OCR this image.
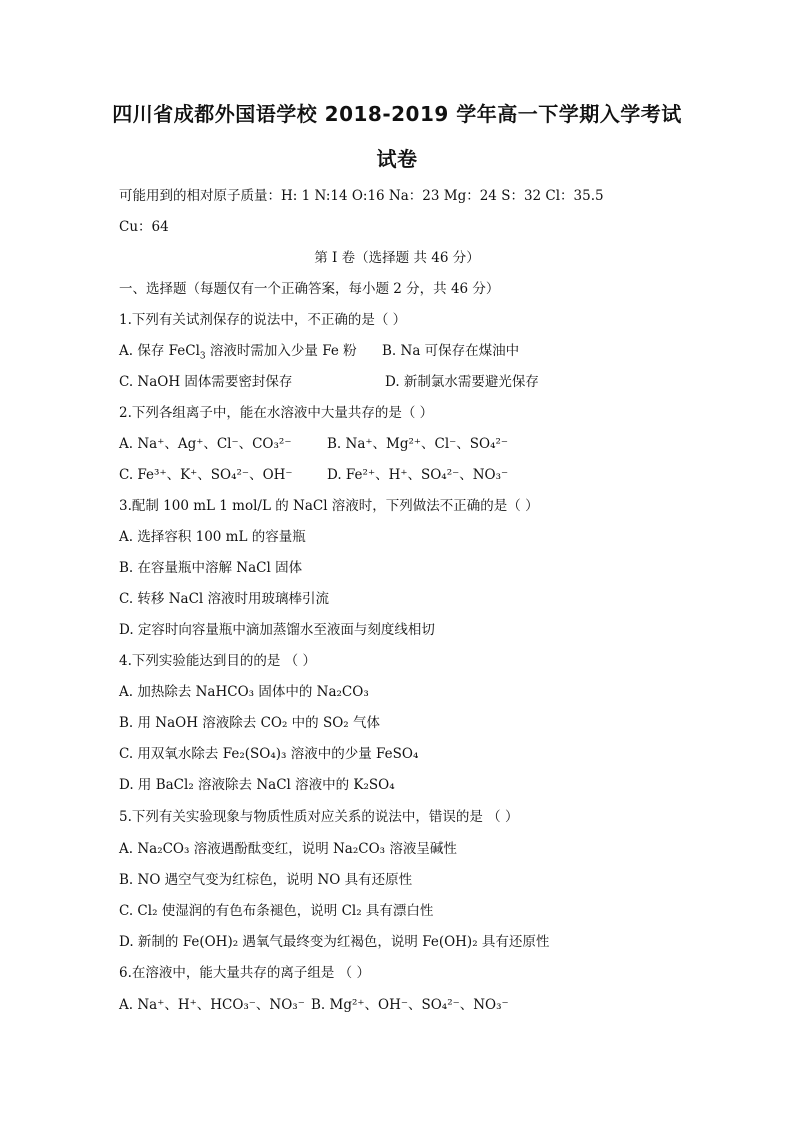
四川省成都外国语学校 2018-2019 学年高一下学期入学考试
试卷
可能用到的相对原子质量：H: 1 N:14 O:16 Na：23 Mg：24 S：32 Cl：35.5
Cu：64
第 I 卷（选择题 共 46 分）
一、选择题（每题仅有一个正确答案，每小题 2 分，共 46 分）
1.下列有关试剂保存的说法中，不正确的是（ ）
A. 保存 FeCl$_3$ 溶液时需加入少量 Fe 粉 B. Na 可保存在煤油中
C. NaOH 固体需要密封保存	D. 新制氯水需要避光保存
2.下列各组离子中，能在水溶液中大量共存的是（ ）
A. Na⁺、Ag⁺、Cl⁻、CO₃²⁻	B. Na⁺、Mg²⁺、Cl⁻、SO₄²⁻
C. Fe³⁺、K⁺、SO₄²⁻、OH⁻	D. Fe²⁺、H⁺、SO₄²⁻、NO₃⁻
3.配制 100 mL 1 mol/L 的 NaCl 溶液时，下列做法不正确的是（ ）
A. 选择容积 100 mL 的容量瓶
B. 在容量瓶中溶解 NaCl 固体
C. 转移 NaCl 溶液时用玻璃棒引流
D. 定容时向容量瓶中滴加蒸馏水至液面与刻度线相切
4.下列实验能达到目的的是 （ ）
A. 加热除去 NaHCO₃ 固体中的 Na₂CO₃
B. 用 NaOH 溶液除去 CO₂ 中的 SO₂ 气体
C. 用双氧水除去 Fe₂(SO₄)₃ 溶液中的少量 FeSO₄
D. 用 BaCl₂ 溶液除去 NaCl 溶液中的 K₂SO₄
5.下列有关实验现象与物质性质对应关系的说法中，错误的是 （ ）
A. Na₂CO₃ 溶液遇酚酞变红，说明 Na₂CO₃ 溶液呈碱性
B. NO 遇空气变为红棕色，说明 NO 具有还原性
C. Cl₂ 使湿润的有色布条褪色，说明 Cl₂ 具有漂白性
D. 新制的 Fe(OH)₂ 遇氧气最终变为红褐色，说明 Fe(OH)₂ 具有还原性
6.在溶液中，能大量共存的离子组是 （ ）
A. Na⁺、H⁺、HCO₃⁻、NO₃⁻ B. Mg²⁺、OH⁻、SO₄²⁻、NO₃⁻
